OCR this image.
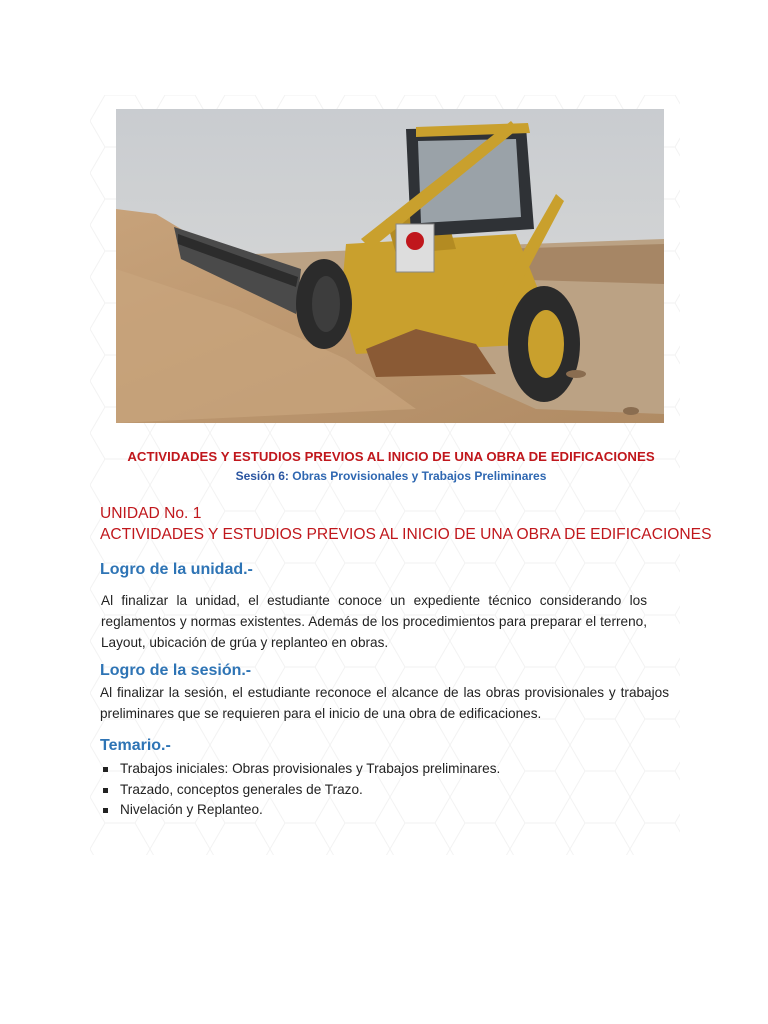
ACTIVIDADES Y ESTUDIOS PREVIOS AL INICIO DE UNA OBRA DE EDIFICACIONES
Sesión 6: Obras Provisionales y Trabajos Preliminares
UNIDAD No. 1
ACTIVIDADES Y ESTUDIOS PREVIOS AL INICIO DE UNA OBRA DE EDIFICACIONES
Logro de la unidad.-
Al finalizar la unidad, el estudiante conoce un expediente técnico considerando los reglamentos y normas existentes. Además de los procedimientos para preparar el terreno, Layout, ubicación de grúa y replanteo en obras.
Logro de la sesión.-
Al finalizar la sesión, el estudiante reconoce el alcance de las obras provisionales y trabajos preliminares que se requieren para el inicio de una obra de edificaciones.
Temario.-
Trabajos iniciales: Obras provisionales y Trabajos preliminares.
Trazado, conceptos generales de Trazo.
Nivelación y Replanteo.
